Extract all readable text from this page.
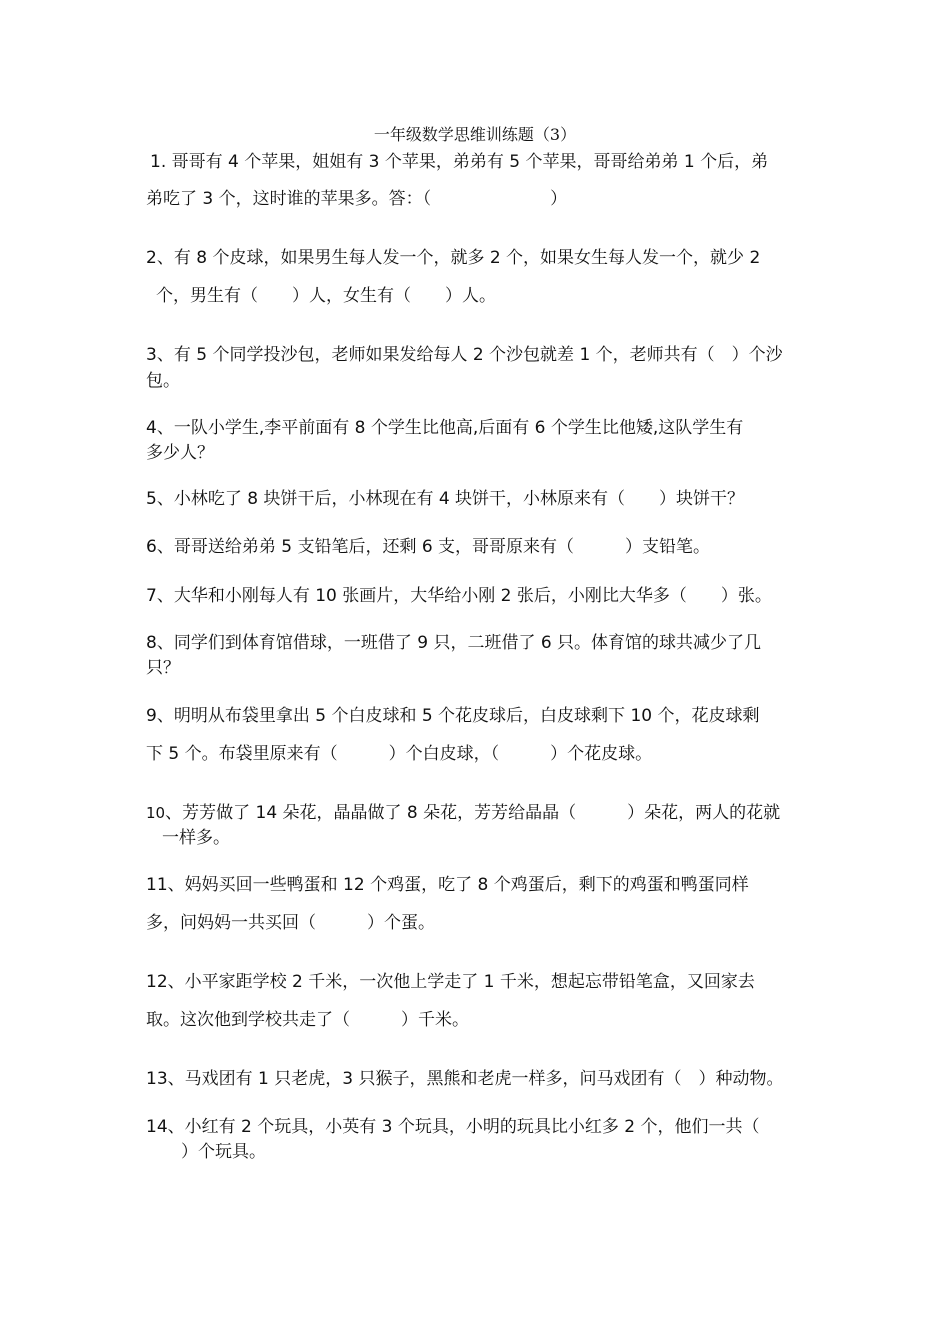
一年级数学思维训练题（3）
1. 哥哥有 4 个苹果，姐姐有 3 个苹果，弟弟有 5 个苹果，哥哥给弟弟 1 个后，弟
弟吃了 3 个，这时谁的苹果多。答：（　　　　　　　）
2、有 8 个皮球，如果男生每人发一个，就多 2 个，如果女生每人发一个，就少 2
个，男生有（　　）人，女生有（　　）人。
3、有 5 个同学投沙包，老师如果发给每人 2 个沙包就差 1 个，老师共有（　）个沙
包。
4、一队小学生,李平前面有 8 个学生比他高,后面有 6 个学生比他矮,这队学生有
多少人？
5、小林吃了 8 块饼干后，小林现在有 4 块饼干，小林原来有（　　）块饼干？
6、哥哥送给弟弟 5 支铅笔后，还剩 6 支，哥哥原来有（　　　）支铅笔。
7、大华和小刚每人有 10 张画片，大华给小刚 2 张后，小刚比大华多（　　）张。
8、同学们到体育馆借球，一班借了 9 只，二班借了 6 只。体育馆的球共减少了几
只？
9、明明从布袋里拿出 5 个白皮球和 5 个花皮球后，白皮球剩下 10 个，花皮球剩
下 5 个。布袋里原来有（　　　）个白皮球，（　　　）个花皮球。
10、芳芳做了 14 朵花，晶晶做了 8 朵花，芳芳给晶晶（　　　）朵花，两人的花就
一样多。
11、妈妈买回一些鸭蛋和 12 个鸡蛋，吃了 8 个鸡蛋后，剩下的鸡蛋和鸭蛋同样
多，问妈妈一共买回（　　　）个蛋。
12、小平家距学校 2 千米，一次他上学走了 1 千米，想起忘带铅笔盒，又回家去
取。这次他到学校共走了（　　　）千米。
13、马戏团有 1 只老虎，3 只猴子，黑熊和老虎一样多，问马戏团有（　）种动物。
14、小红有 2 个玩具，小英有 3 个玩具，小明的玩具比小红多 2 个，他们一共（
　）个玩具。
